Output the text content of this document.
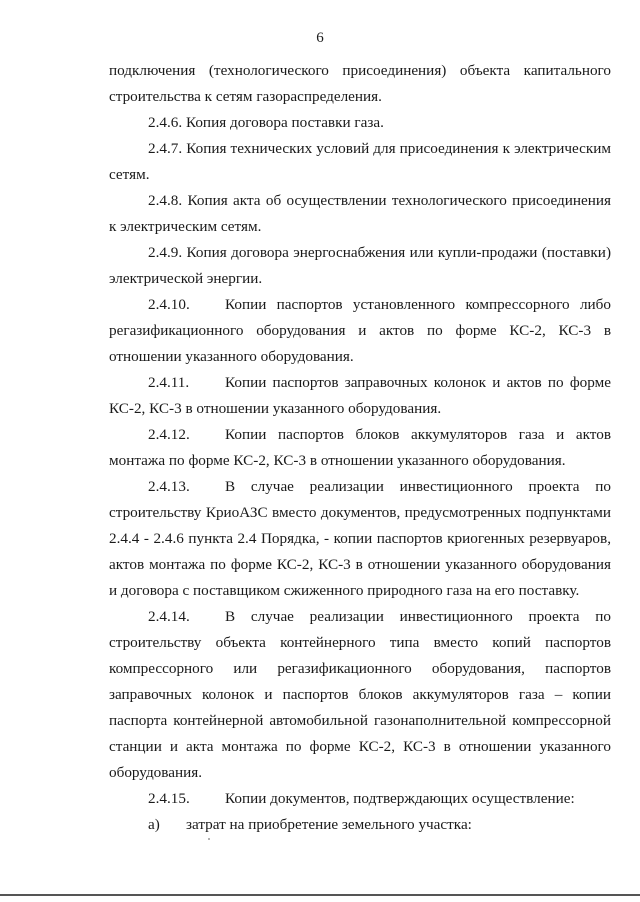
6

подключения (технологического присоединения) объекта капитального строительства к сетям газораспределения.

2.4.6. Копия договора поставки газа.

2.4.7. Копия технических условий для присоединения к электрическим сетям.

2.4.8. Копия акта об осуществлении технологического присоединения к электрическим сетям.

2.4.9. Копия договора энергоснабжения или купли-продажи (поставки) электрической энергии.

2.4.10.	Копии паспортов установленного компрессорного либо

регазификационного оборудования и актов по форме КС-2, КС-3 в отношении указанного оборудования.

2.4.11.	Копии паспортов заправочных колонок и актов по форме

КС-2, КС-3 в отношении указанного оборудования.

2.4.12.	Копии паспортов блоков аккумуляторов газа и актов

монтажа по форме КС-2, КС-3 в отношении указанного оборудования.

2.4.13.	В случае реализации инвестиционного проекта по

строительству КриоАЗС вместо документов, предусмотренных подпунктами 2.4.4 - 2.4.6 пункта 2.4 Порядка, - копии паспортов криогенных резервуаров, актов монтажа по форме КС-2, КС-3 в отношении указанного оборудования и договора с поставщиком сжиженного природного газа на его поставку.

2.4.14.	В случае реализации инвестиционного проекта по

строительству объекта контейнерного типа вместо копий паспортов компрессорного или регазификационного оборудования, паспортов заправочных колонок и паспортов блоков аккумуляторов газа – копии паспорта контейнерной автомобильной газонаполнительной компрессорной станции и акта монтажа по форме КС-2, КС-3 в отношении указанного оборудования.

2.4.15.	Копии документов, подтверждающих осуществление:
а)	затрат на приобретение земельного участка:
